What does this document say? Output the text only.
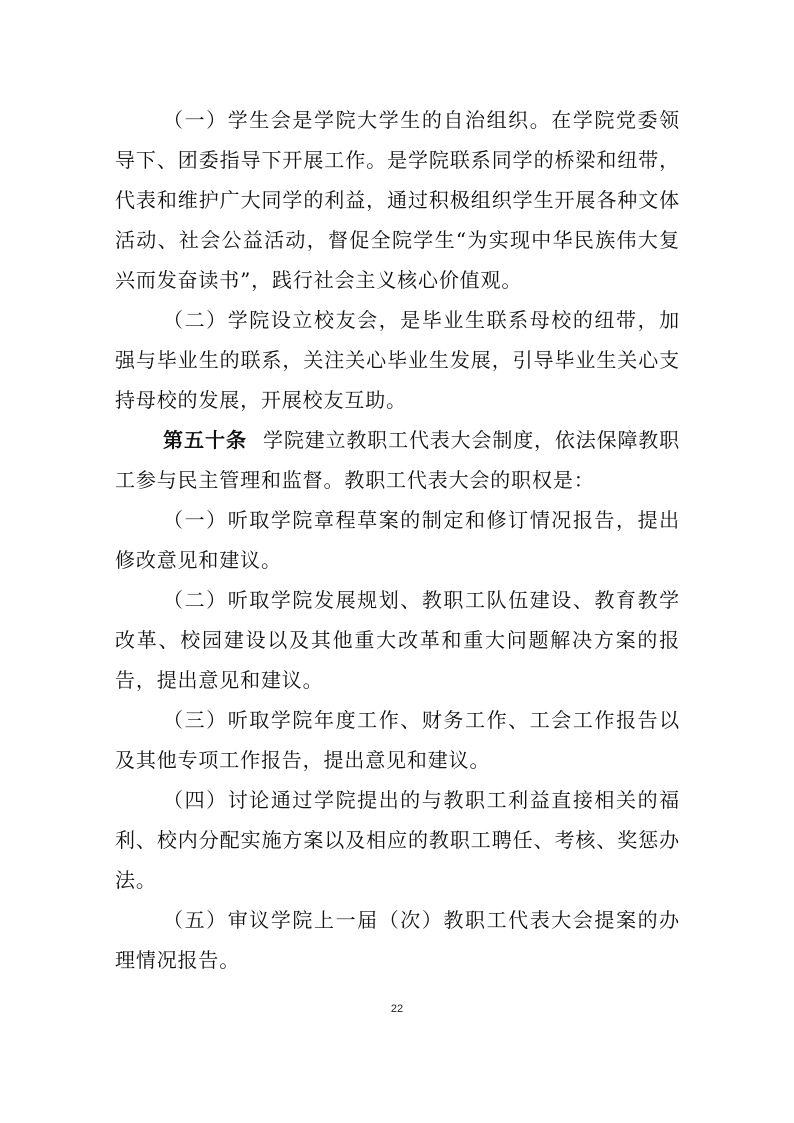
（一）学生会是学院大学生的自治组织。在学院党委领导下、团委指导下开展工作。是学院联系同学的桥梁和纽带，代表和维护广大同学的利益，通过积极组织学生开展各种文体活动、社会公益活动，督促全院学生“为实现中华民族伟大复兴而发奋读书”，践行社会主义核心价值观。

（二）学院设立校友会，是毕业生联系母校的纽带，加强与毕业生的联系，关注关心毕业生发展，引导毕业生关心支持母校的发展，开展校友互助。

第五十条 学院建立教职工代表大会制度，依法保障教职工参与民主管理和监督。教职工代表大会的职权是：

（一）听取学院章程草案的制定和修订情况报告，提出修改意见和建议。

（二）听取学院发展规划、教职工队伍建设、教育教学改革、校园建设以及其他重大改革和重大问题解决方案的报告，提出意见和建议。

（三）听取学院年度工作、财务工作、工会工作报告以及其他专项工作报告，提出意见和建议。

（四）讨论通过学院提出的与教职工利益直接相关的福利、校内分配实施方案以及相应的教职工聘任、考核、奖惩办法。

（五）审议学院上一届（次）教职工代表大会提案的办理情况报告。

22
